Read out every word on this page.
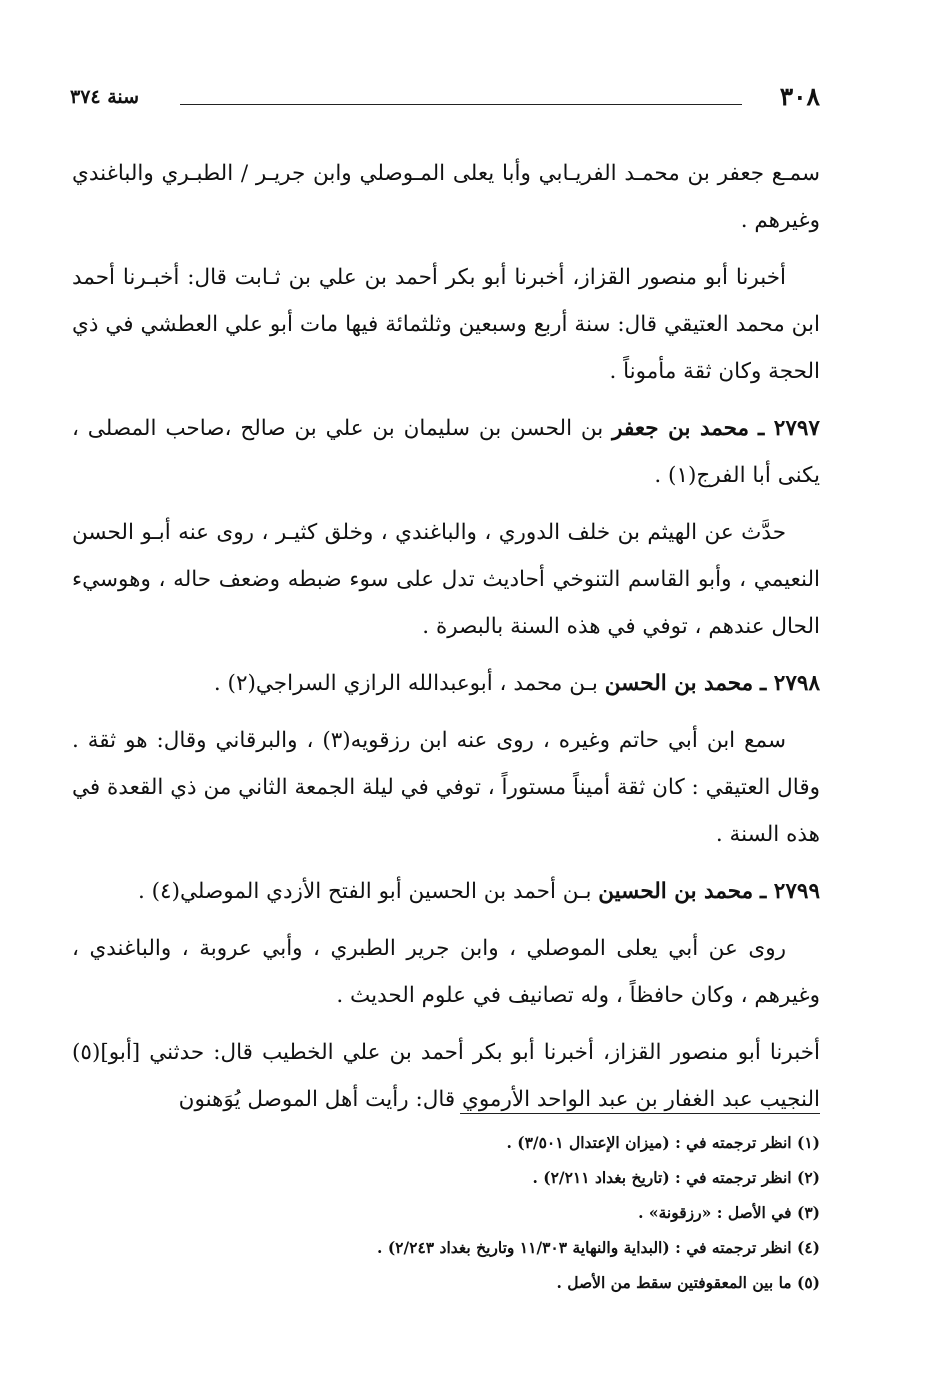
٣٠٨
سنة ٣٧٤

سمـع جعفر بن محمـد الفريـابي وأبا يعلى المـوصلي وابن جريـر / الطبـري والباغندي وغيرهم .

أخبرنا أبو منصور القزاز، أخبرنا أبو بكر أحمد بن علي بن ثـابت قال: أخبـرنا أحمد ابن محمد العتيقي قال: سنة أربع وسبعين وثلثمائة فيها مات أبو علي العطشي في ذي الحجة وكان ثقة مأموناً .

٢٧٩٧ ـ محمد بن جعفر بن الحسن بن سليمان بن علي بن صالح ،صاحب المصلى ، يكنى أبا الفرج(١) .

حدَّث عن الهيثم بن خلف الدوري ، والباغندي ، وخلق كثيـر ، روى عنه أبـو الحسن النعيمي ، وأبو القاسم التنوخي أحاديث تدل على سوء ضبطه وضعف حاله ، وهوسيء الحال عندهم ، توفي في هذه السنة بالبصرة .

٢٧٩٨ ـ محمد بن الحسن بـن محمد ، أبوعبدالله الرازي السراجي(٢) .

سمع ابن أبي حاتم وغيره ، روى عنه ابن رزقويه(٣) ، والبرقاني وقال: هو ثقة . وقال العتيقي : كان ثقة أميناً مستوراً ، توفي في ليلة الجمعة الثاني من ذي القعدة في هذه السنة .

٢٧٩٩ ـ محمد بن الحسين بـن أحمد بن الحسين أبو الفتح الأزدي الموصلي(٤) .

روى عن أبي يعلى الموصلي ، وابن جرير الطبري ، وأبي عروبة ، والباغندي ، وغيرهم ، وكان حافظاً ، وله تصانيف في علوم الحديث .

أخبرنا أبو منصور القزاز، أخبرنا أبو بكر أحمد بن علي الخطيب قال: حدثني [أبو](٥) النجيب عبد الغفار بن عبد الواحد الأرموي قال: رأيت أهل الموصل يُوَهنون

(١) انظر ترجمته في : (ميزان الإعتدال ٣/٥٠١) .
(٢) انظر ترجمته في : (تاريخ بغداد ٢/٢١١) .
(٣) في الأصل : «رزقونة» .
(٤) انظر ترجمته في : (البداية والنهاية ١١/٣٠٣ وتاريخ بغداد ٢/٢٤٣) .
(٥) ما بين المعقوفتين سقط من الأصل .
